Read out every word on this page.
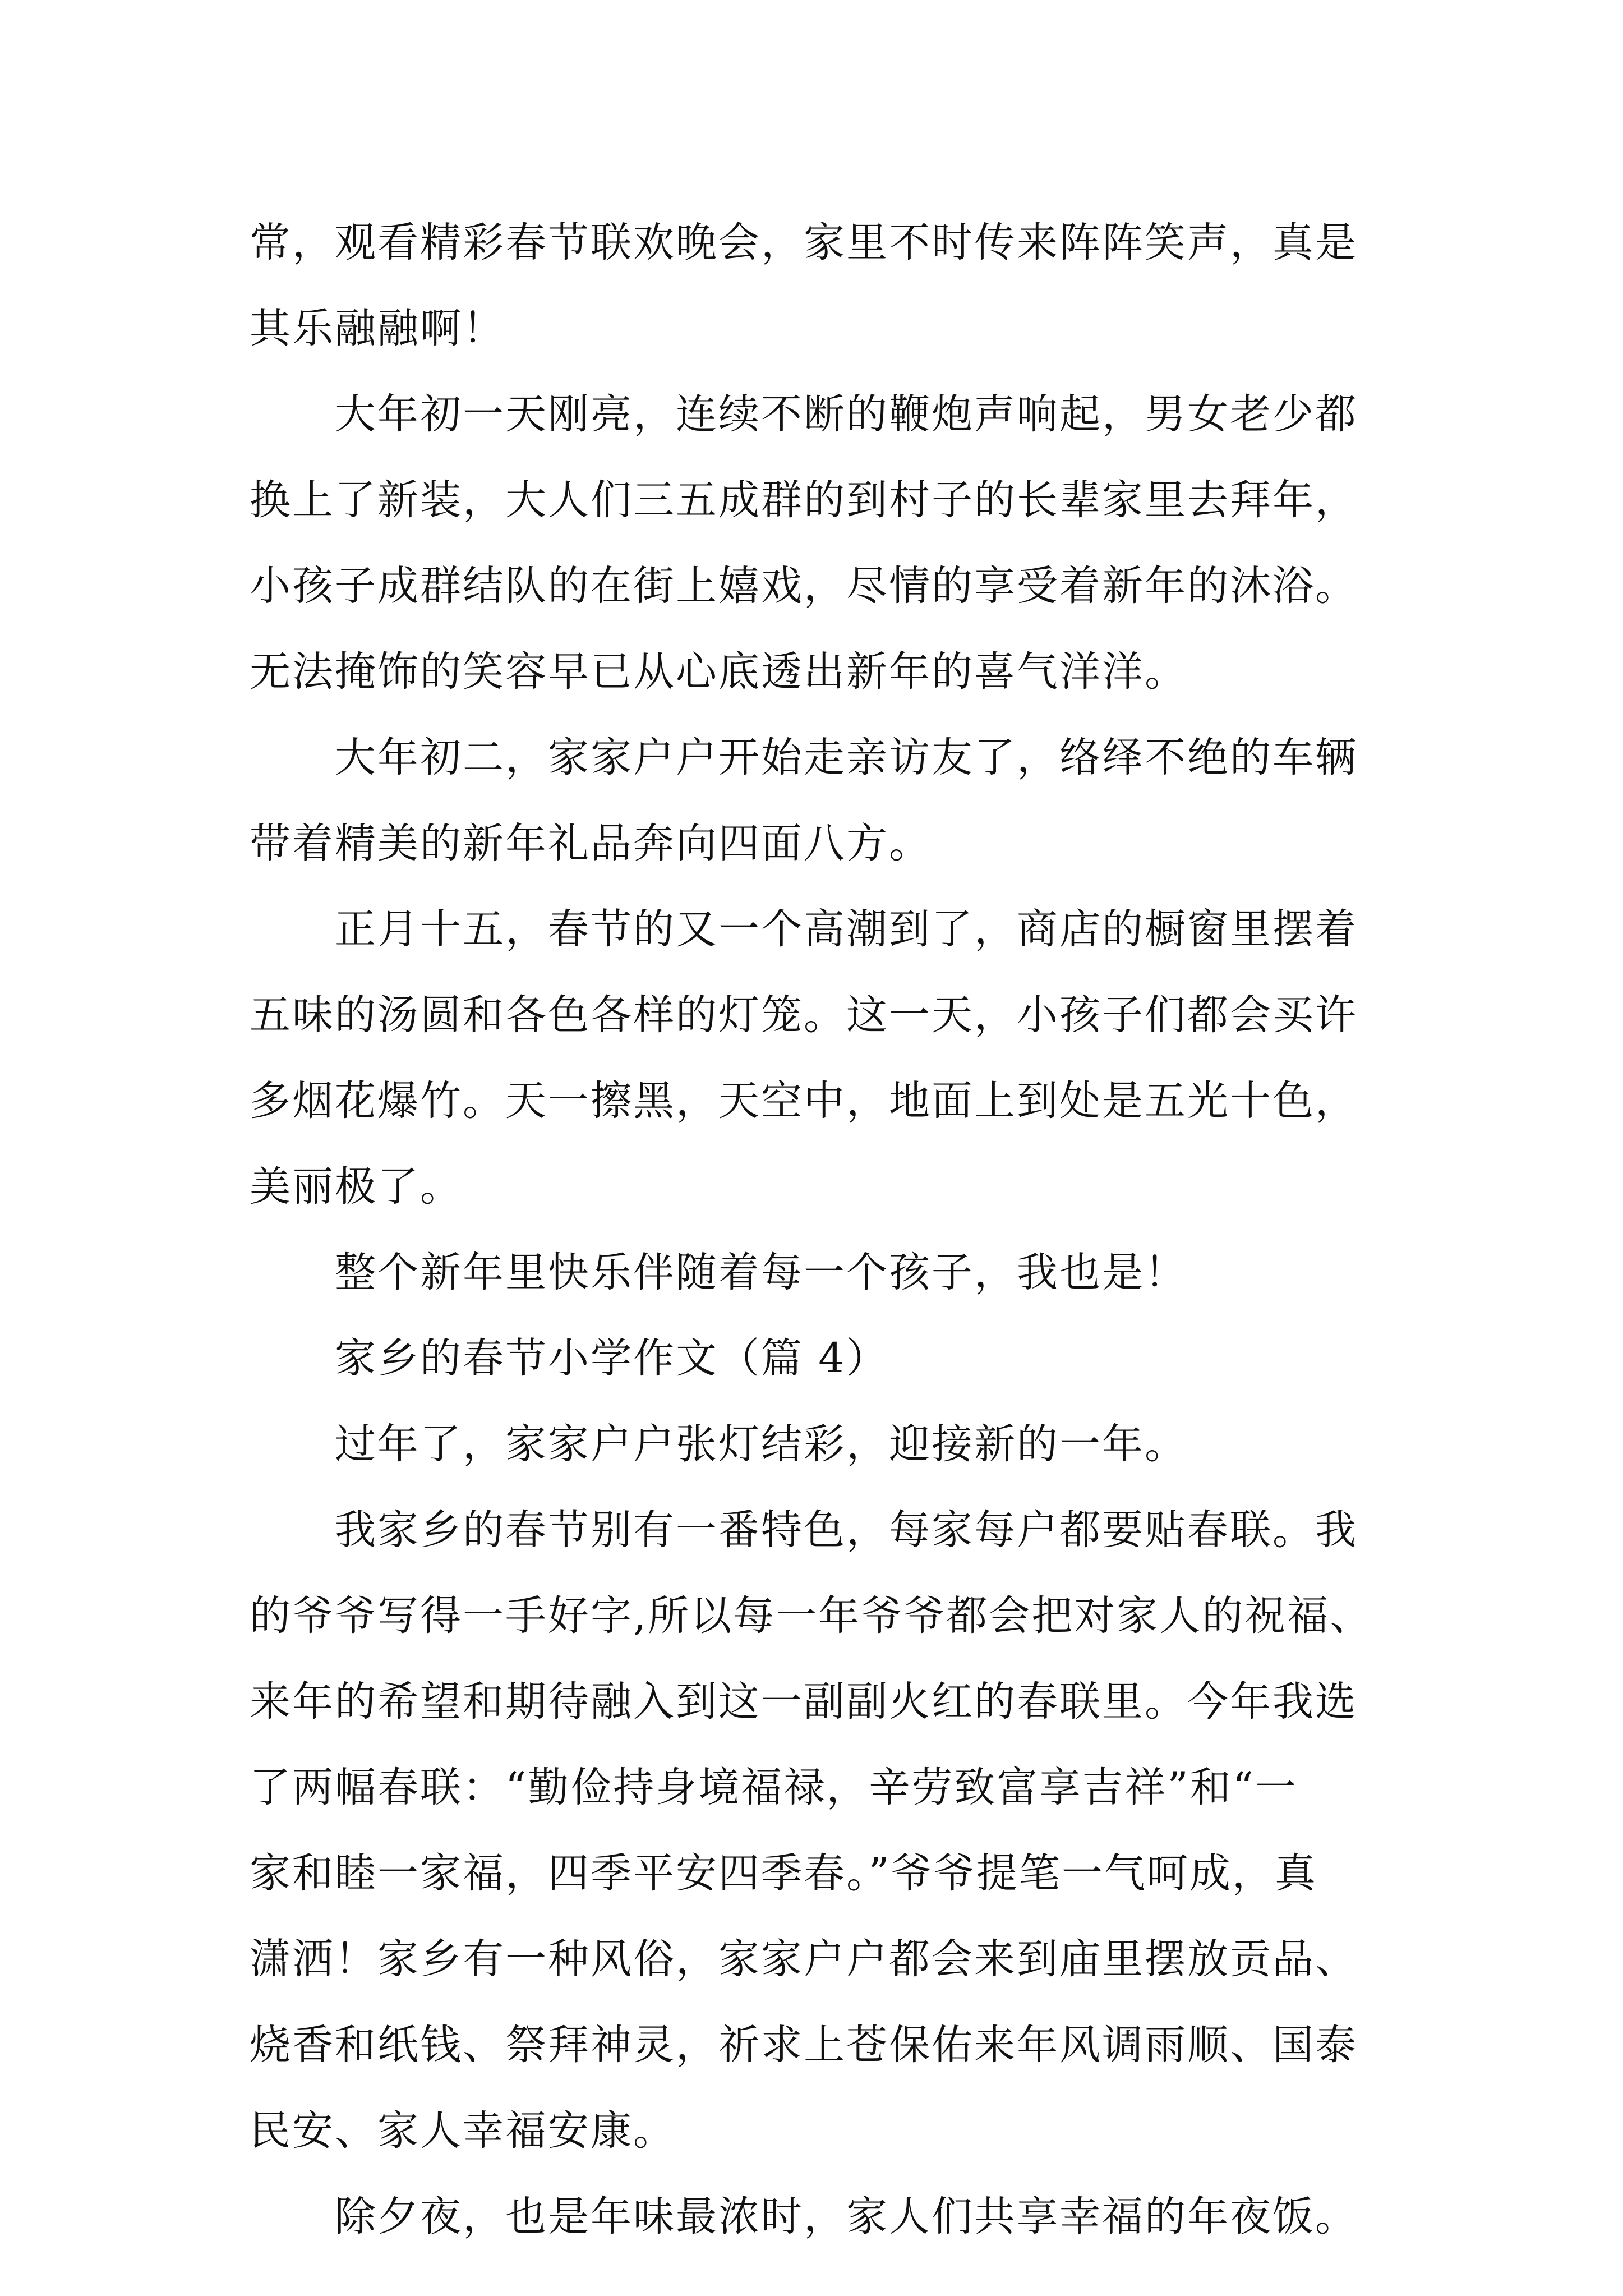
常，观看精彩春节联欢晚会，家里不时传来阵阵笑声，真是
其乐融融啊！
大年初一天刚亮，连续不断的鞭炮声响起，男女老少都
换上了新装，大人们三五成群的到村子的长辈家里去拜年，
小孩子成群结队的在街上嬉戏，尽情的享受着新年的沐浴。
无法掩饰的笑容早已从心底透出新年的喜气洋洋。
大年初二，家家户户开始走亲访友了，络绎不绝的车辆
带着精美的新年礼品奔向四面八方。
正月十五，春节的又一个高潮到了，商店的橱窗里摆着
五味的汤圆和各色各样的灯笼。这一天，小孩子们都会买许
多烟花爆竹。天一擦黑，天空中，地面上到处是五光十色，
美丽极了。
整个新年里快乐伴随着每一个孩子，我也是！
家乡的春节小学作文（篇 4）
过年了，家家户户张灯结彩，迎接新的一年。
我家乡的春节别有一番特色，每家每户都要贴春联。我
的爷爷写得一手好字,所以每一年爷爷都会把对家人的祝福、
来年的希望和期待融入到这一副副火红的春联里。今年我选
了两幅春联：“勤俭持身境福禄，辛劳致富享吉祥”和“一
家和睦一家福，四季平安四季春。”爷爷提笔一气呵成，真
潇洒！家乡有一种风俗，家家户户都会来到庙里摆放贡品、
烧香和纸钱、祭拜神灵，祈求上苍保佑来年风调雨顺、国泰
民安、家人幸福安康。
除夕夜，也是年味最浓时，家人们共享幸福的年夜饭。
